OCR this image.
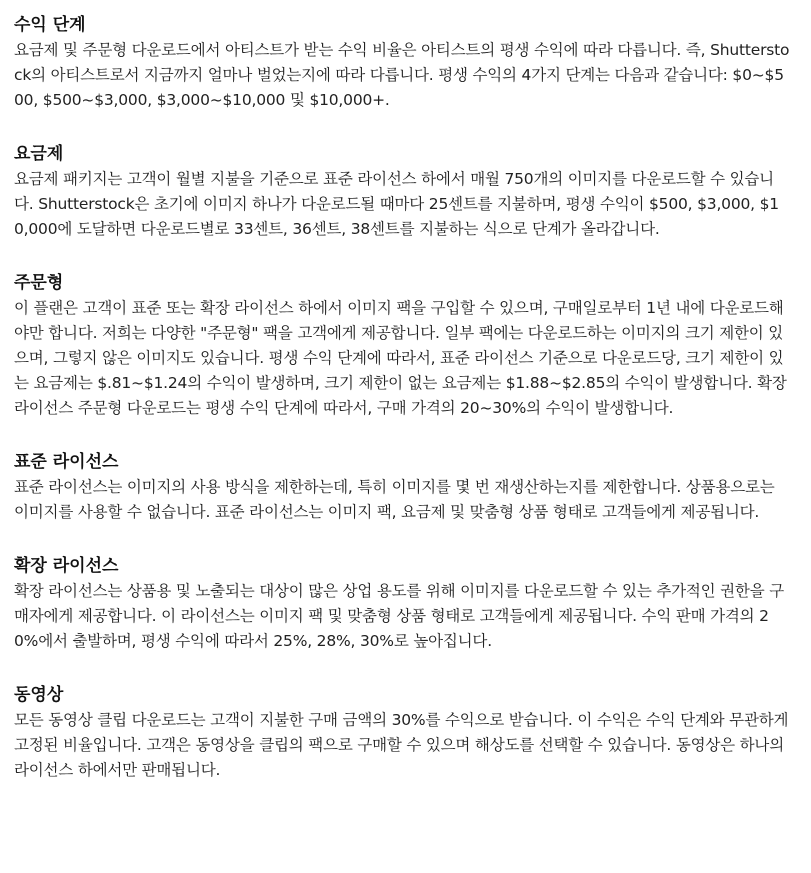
수익 단계

요금제 및 주문형 다운로드에서 아티스트가 받는 수익 비율은 아티스트의 평생 수익에 따라 다릅니다. 즉, Shutterstock의 아티스트로서 지금까지 얼마나 벌었는지에 따라 다릅니다. 평생 수익의 4가지 단계는 다음과 같습니다: $0~$500, $500~$3,000, $3,000~$10,000 및 $10,000+.

요금제

요금제 패키지는 고객이 월별 지불을 기준으로 표준 라이선스 하에서 매월 750개의 이미지를 다운로드할 수 있습니다. Shutterstock은 초기에 이미지 하나가 다운로드될 때마다 25센트를 지불하며, 평생 수익이 $500, $3,000, $10,000에 도달하면 다운로드별로 33센트, 36센트, 38센트를 지불하는 식으로 단계가 올라갑니다.

주문형

이 플랜은 고객이 표준 또는 확장 라이선스 하에서 이미지 팩을 구입할 수 있으며, 구매일로부터 1년 내에 다운로드해야만 합니다. 저희는 다양한 "주문형" 팩을 고객에게 제공합니다. 일부 팩에는 다운로드하는 이미지의 크기 제한이 있으며, 그렇지 않은 이미지도 있습니다. 평생 수익 단계에 따라서, 표준 라이선스 기준으로 다운로드당, 크기 제한이 있는 요금제는 $.81~$1.24의 수익이 발생하며, 크기 제한이 없는 요금제는 $1.88~$2.85의 수익이 발생합니다. 확장 라이선스 주문형 다운로드는 평생 수익 단계에 따라서, 구매 가격의 20~30%의 수익이 발생합니다.

표준 라이선스

표준 라이선스는 이미지의 사용 방식을 제한하는데, 특히 이미지를 몇 번 재생산하는지를 제한합니다. 상품용으로는 이미지를 사용할 수 없습니다. 표준 라이선스는 이미지 팩, 요금제 및 맞춤형 상품 형태로 고객들에게 제공됩니다.

확장 라이선스

확장 라이선스는 상품용 및 노출되는 대상이 많은 상업 용도를 위해 이미지를 다운로드할 수 있는 추가적인 권한을 구매자에게 제공합니다. 이 라이선스는 이미지 팩 및 맞춤형 상품 형태로 고객들에게 제공됩니다. 수익 판매 가격의 20%에서 출발하며, 평생 수익에 따라서 25%, 28%, 30%로 높아집니다.

동영상

모든 동영상 클립 다운로드는 고객이 지불한 구매 금액의 30%를 수익으로 받습니다. 이 수익은 수익 단계와 무관하게 고정된 비율입니다. 고객은 동영상을 클립의 팩으로 구매할 수 있으며 해상도를 선택할 수 있습니다. 동영상은 하나의 라이선스 하에서만 판매됩니다.
